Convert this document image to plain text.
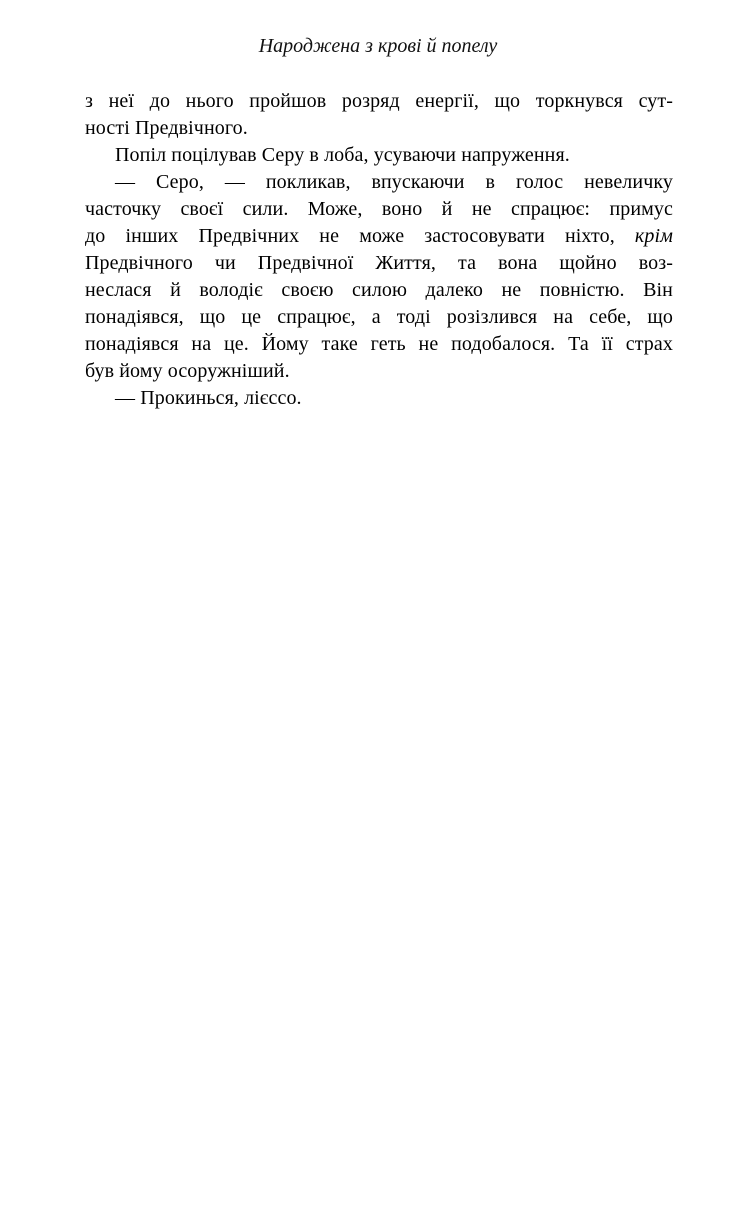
Народжена з крові й попелу
з неї до нього пройшов розряд енергії, що торкнувся сут-
ності Предвічного.
Попіл поцілував Серу в лоба, усуваючи напруження.
— Серо, — покликав, впускаючи в голос невеличку
часточку своєї сили. Може, воно й не спрацює: примус
до інших Предвічних не може застосовувати ніхто, крім
Предвічного чи Предвічної Життя, та вона щойно воз-
неслася й володіє своєю силою далеко не повністю. Він
понадіявся, що це спрацює, а тоді розізлився на себе, що
понадіявся на це. Йому таке геть не подобалося. Та її страх
був йому осоружніший.
— Прокинься, лієссо.
